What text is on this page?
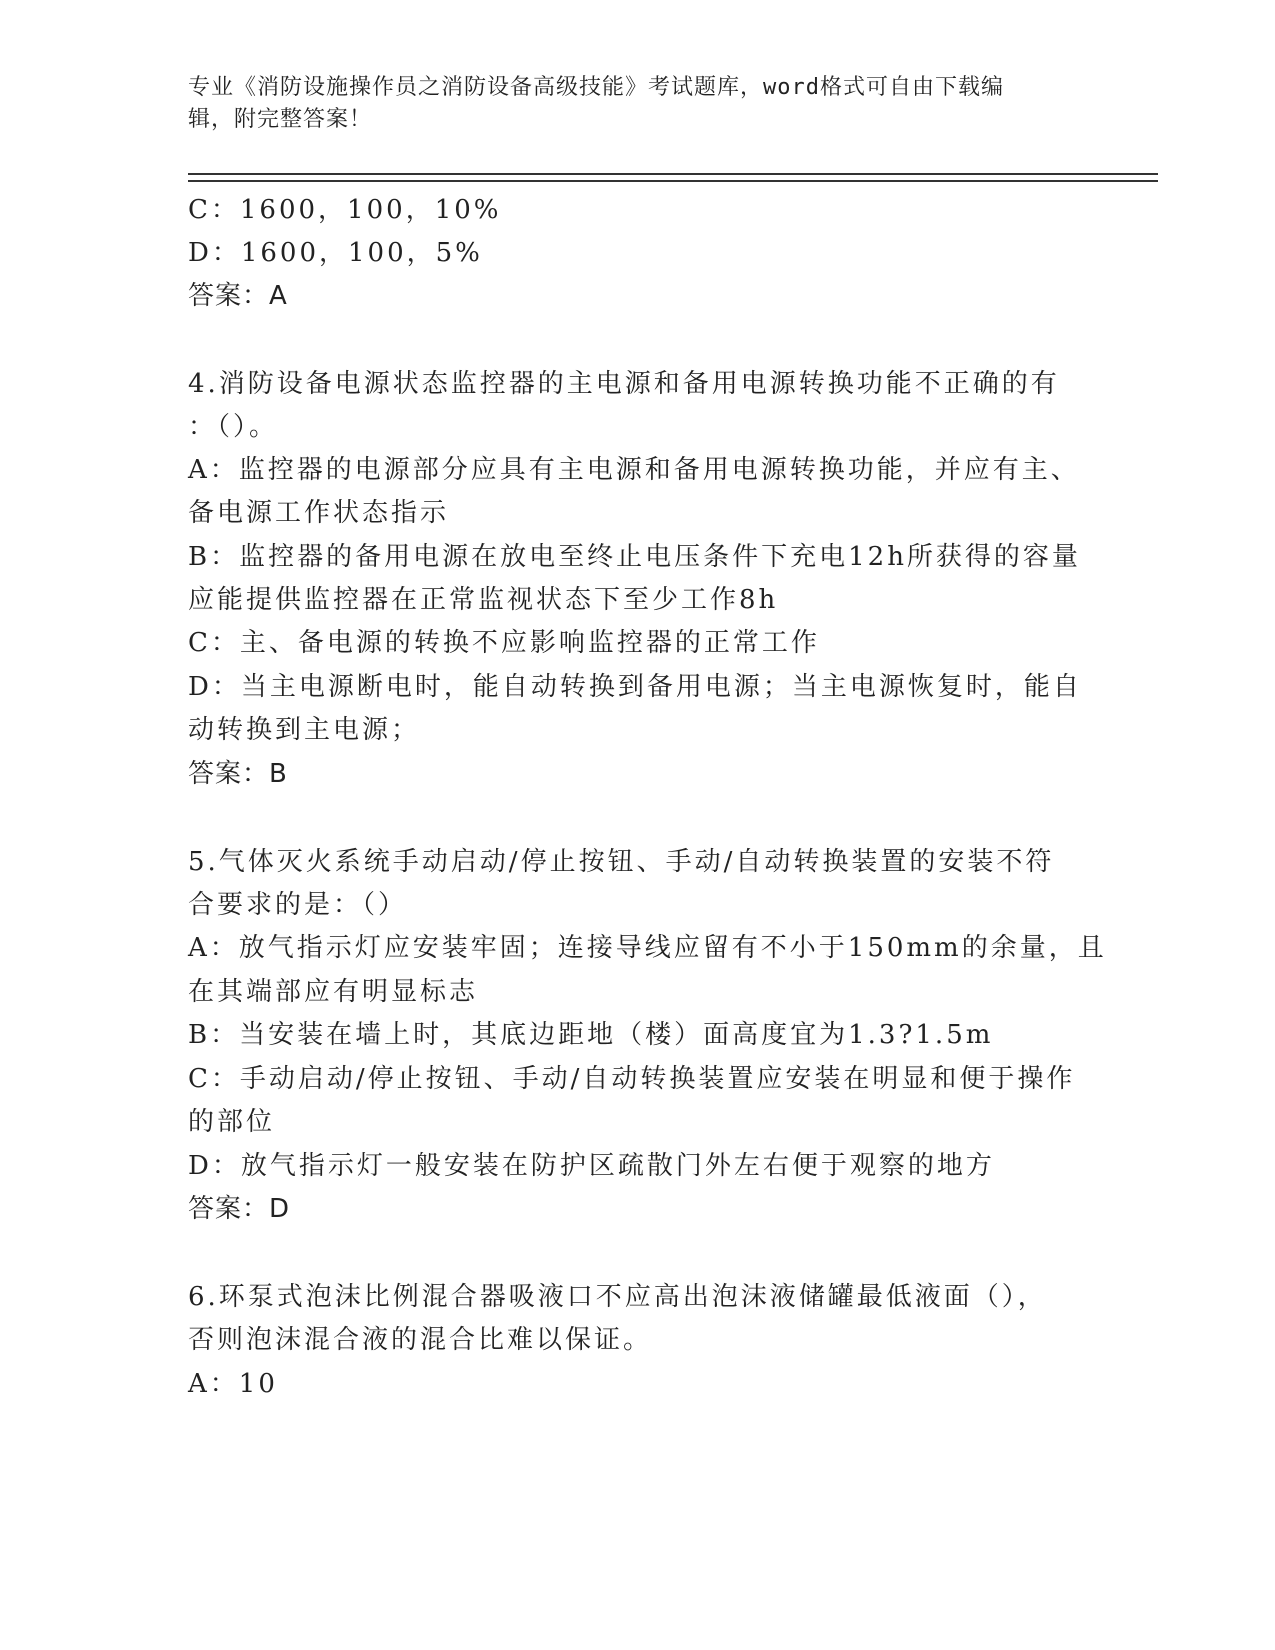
专业《消防设施操作员之消防设备高级技能》考试题库，word格式可自由下载编
辑，附完整答案！
C：1600，100，10%
D：1600，100，5%
答案：A
4.消防设备电源状态监控器的主电源和备用电源转换功能不正确的有
：（）。
A：监控器的电源部分应具有主电源和备用电源转换功能，并应有主、
备电源工作状态指示
B：监控器的备用电源在放电至终止电压条件下充电12h所获得的容量
应能提供监控器在正常监视状态下至少工作8h
C：主、备电源的转换不应影响监控器的正常工作
D：当主电源断电时，能自动转换到备用电源；当主电源恢复时，能自
动转换到主电源；
答案：B
5.气体灭火系统手动启动/停止按钮、手动/自动转换装置的安装不符
合要求的是：（）
A：放气指示灯应安装牢固；连接导线应留有不小于150mm的余量，且
在其端部应有明显标志
B：当安装在墙上时，其底边距地（楼）面高度宜为1.3?1.5m
C：手动启动/停止按钮、手动/自动转换装置应安装在明显和便于操作
的部位
D：放气指示灯一般安装在防护区疏散门外左右便于观察的地方
答案：D
6.环泵式泡沫比例混合器吸液口不应高出泡沫液储罐最低液面（），
否则泡沫混合液的混合比难以保证。
A：10
